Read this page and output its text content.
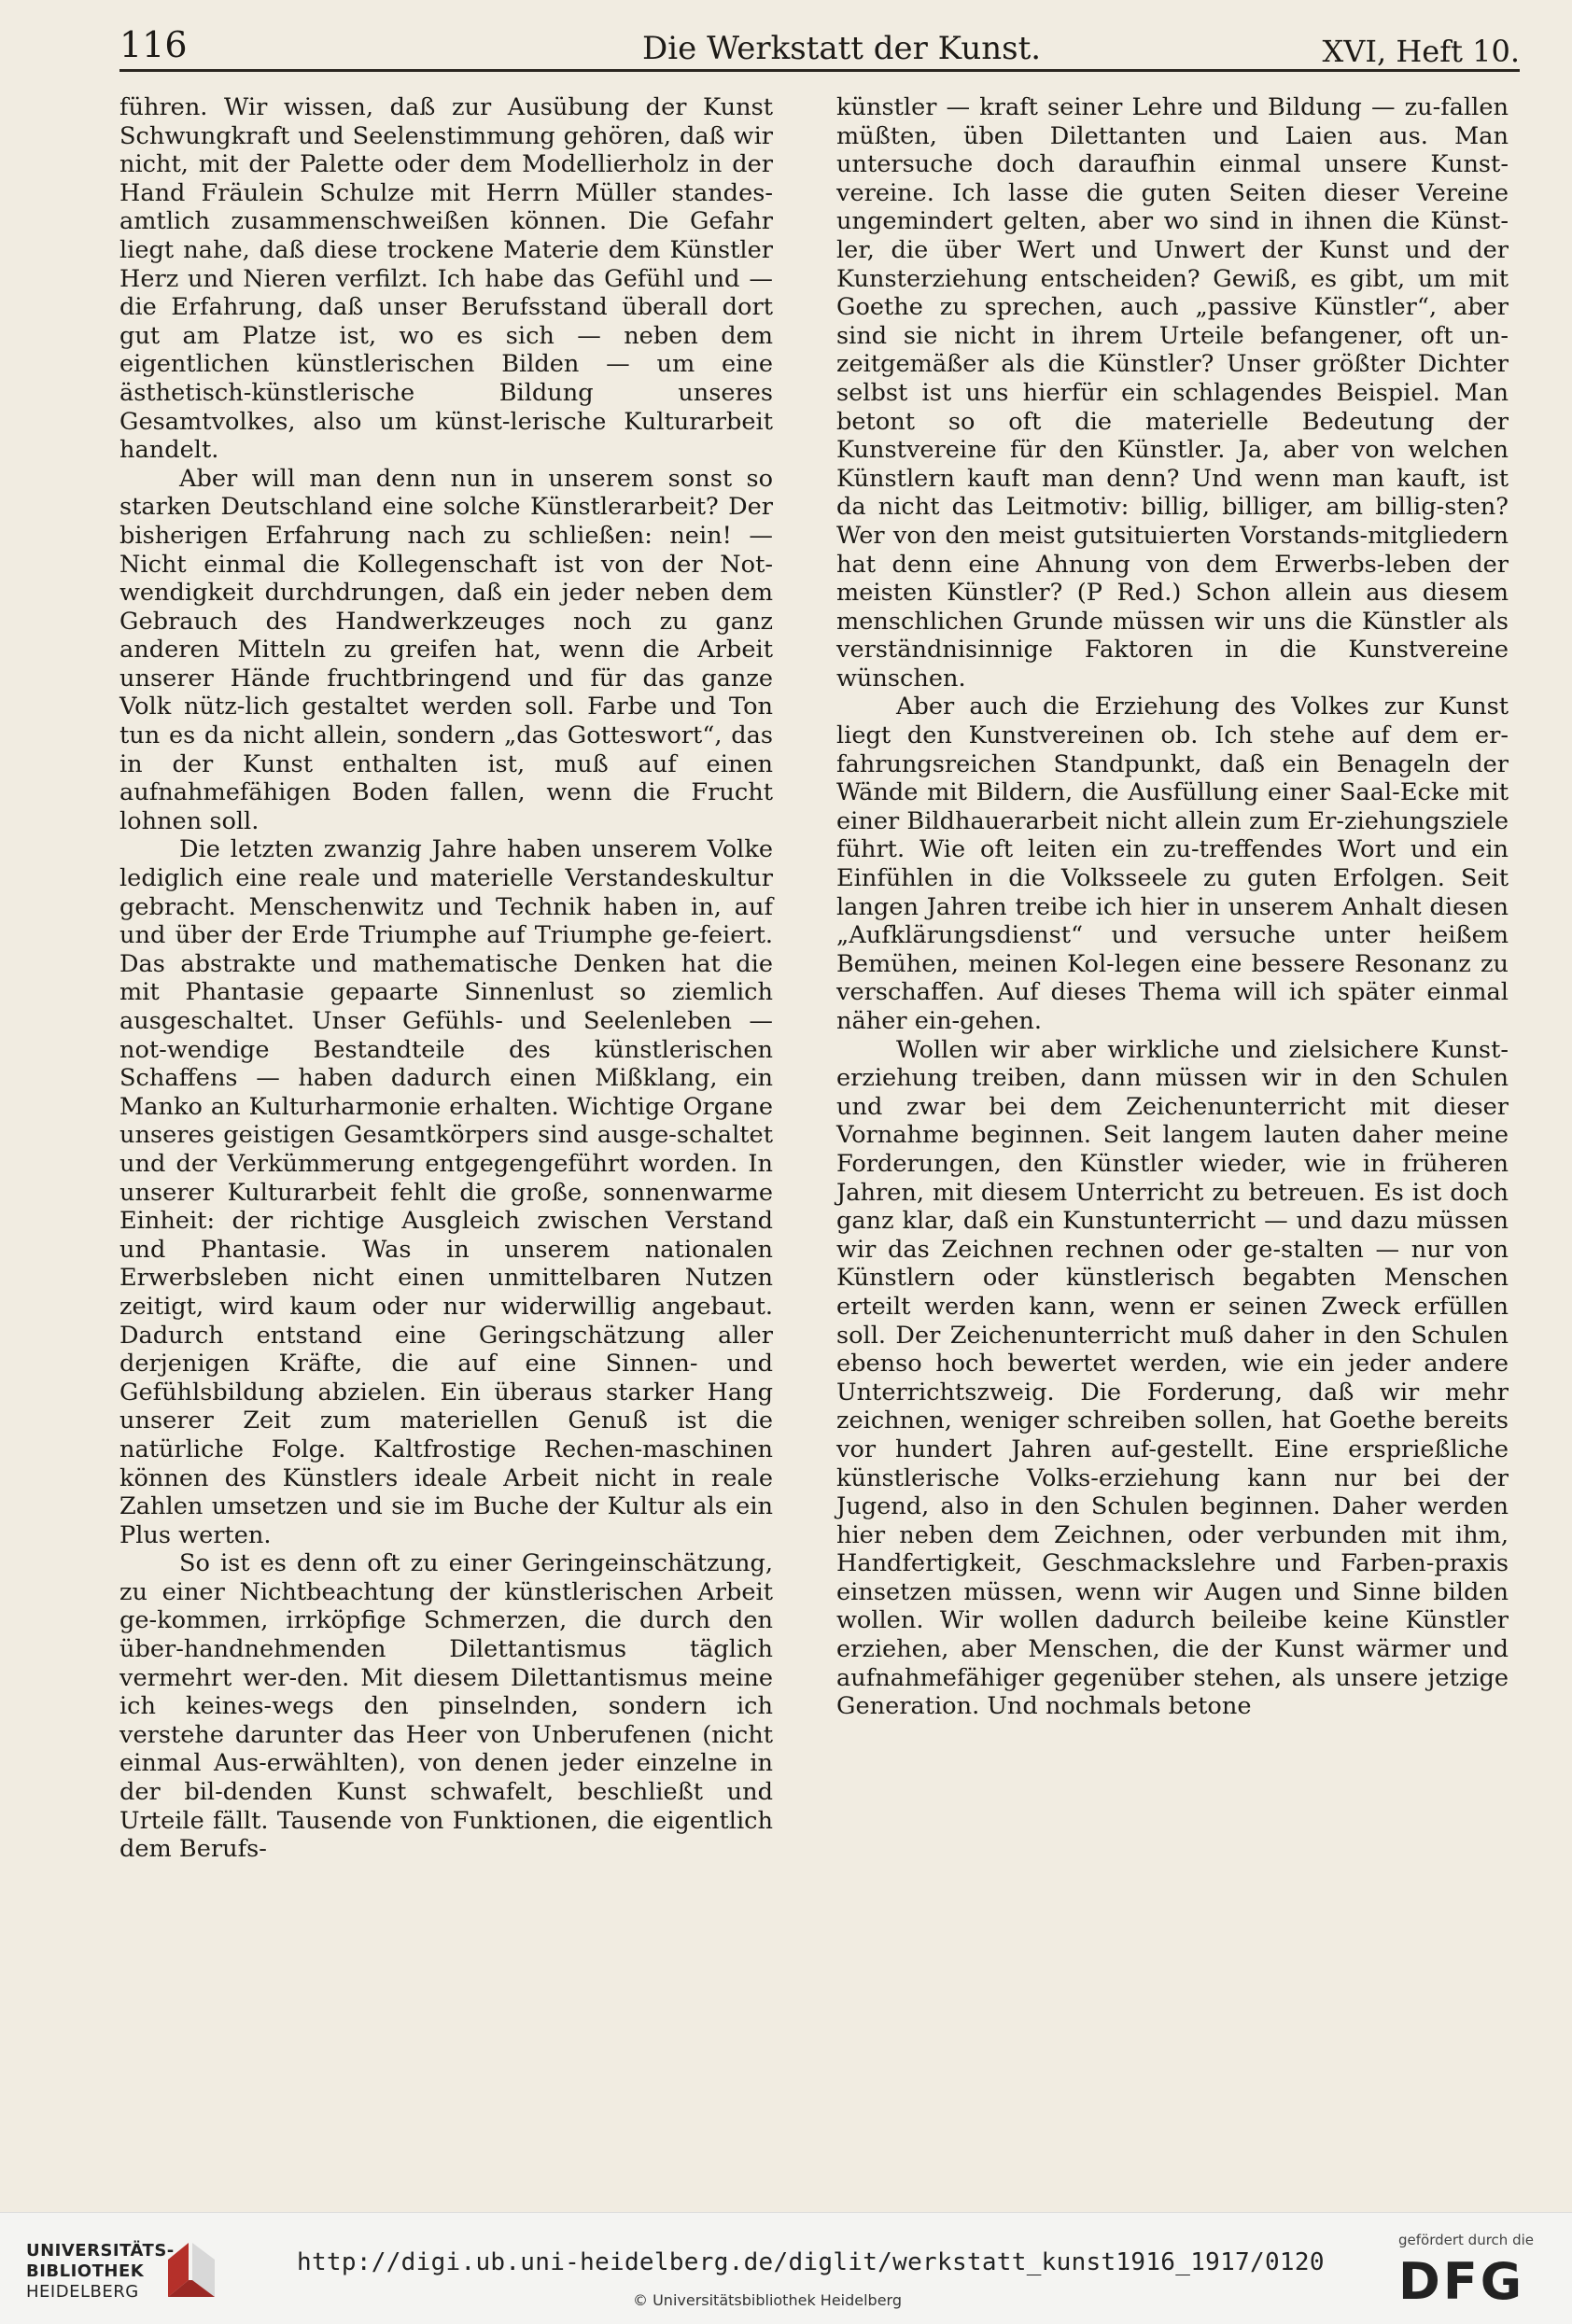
116	Die Werkstatt der Kunst.	XVI, Heft 10.

führen. Wir wissen, daß zur Ausübung der Kunst Schwungkraft und Seelenstimmung gehören, daß wir nicht, mit der Palette oder dem Modellierholz in der Hand Fräulein Schulze mit Herrn Müller standes-amtlich zusammenschweißen können. Die Gefahr liegt nahe, daß diese trockene Materie dem Künstler Herz und Nieren verfilzt. Ich habe das Gefühl und — die Erfahrung, daß unser Berufsstand überall dort gut am Platze ist, wo es sich — neben dem eigentlichen künstlerischen Bilden — um eine ästhetisch-künstlerische Bildung unseres Gesamtvolkes, also um künst-lerische Kulturarbeit handelt.

Aber will man denn nun in unserem sonst so starken Deutschland eine solche Künstlerarbeit? Der bisherigen Erfahrung nach zu schließen: nein! — Nicht einmal die Kollegenschaft ist von der Not-wendigkeit durchdrungen, daß ein jeder neben dem Gebrauch des Handwerkzeuges noch zu ganz anderen Mitteln zu greifen hat, wenn die Arbeit unserer Hände fruchtbringend und für das ganze Volk nütz-lich gestaltet werden soll. Farbe und Ton tun es da nicht allein, sondern „das Gotteswort“, das in der Kunst enthalten ist, muß auf einen aufnahmefähigen Boden fallen, wenn die Frucht lohnen soll.

Die letzten zwanzig Jahre haben unserem Volke lediglich eine reale und materielle Verstandeskultur gebracht. Menschenwitz und Technik haben in, auf und über der Erde Triumphe auf Triumphe ge-feiert. Das abstrakte und mathematische Denken hat die mit Phantasie gepaarte Sinnenlust so ziemlich ausgeschaltet. Unser Gefühls- und Seelenleben — not-wendige Bestandteile des künstlerischen Schaffens — haben dadurch einen Mißklang, ein Manko an Kulturharmonie erhalten. Wichtige Organe unseres geistigen Gesamtkörpers sind ausge-schaltet und der Verkümmerung entgegengeführt worden. In unserer Kulturarbeit fehlt die große, sonnenwarme Einheit: der richtige Ausgleich zwischen Verstand und Phantasie. Was in unserem nationalen Erwerbsleben nicht einen unmittelbaren Nutzen zeitigt, wird kaum oder nur widerwillig angebaut. Dadurch entstand eine Geringschätzung aller derjenigen Kräfte, die auf eine Sinnen- und Gefühlsbildung abzielen. Ein überaus starker Hang unserer Zeit zum materiellen Genuß ist die natürliche Folge. Kaltfrostige Rechen-maschinen können des Künstlers ideale Arbeit nicht in reale Zahlen umsetzen und sie im Buche der Kultur als ein Plus werten.

So ist es denn oft zu einer Geringeinschätzung, zu einer Nichtbeachtung der künstlerischen Arbeit ge-kommen, irrköpfige Schmerzen, die durch den über-handnehmenden Dilettantismus täglich vermehrt wer-den. Mit diesem Dilettantismus meine ich keines-wegs den pinselnden, sondern ich verstehe darunter das Heer von Unberufenen (nicht einmal Aus-erwählten), von denen jeder einzelne in der bil-denden Kunst schwafelt, beschließt und Urteile fällt. Tausende von Funktionen, die eigentlich dem Berufs-

künstler — kraft seiner Lehre und Bildung — zu-fallen müßten, üben Dilettanten und Laien aus. Man untersuche doch daraufhin einmal unsere Kunst-vereine. Ich lasse die guten Seiten dieser Vereine ungemindert gelten, aber wo sind in ihnen die Künst-ler, die über Wert und Unwert der Kunst und der Kunsterziehung entscheiden? Gewiß, es gibt, um mit Goethe zu sprechen, auch „passive Künstler“, aber sind sie nicht in ihrem Urteile befangener, oft un-zeitgemäßer als die Künstler? Unser größter Dichter selbst ist uns hierfür ein schlagendes Beispiel. Man betont so oft die materielle Bedeutung der Kunstvereine für den Künstler. Ja, aber von welchen Künstlern kauft man denn? Und wenn man kauft, ist da nicht das Leitmotiv: billig, billiger, am billig-sten? Wer von den meist gutsituierten Vorstands-mitgliedern hat denn eine Ahnung von dem Erwerbs-leben der meisten Künstler? (P Red.) Schon allein aus diesem menschlichen Grunde müssen wir uns die Künstler als verständnisinnige Faktoren in die Kunstvereine wünschen.

Aber auch die Erziehung des Volkes zur Kunst liegt den Kunstvereinen ob. Ich stehe auf dem er-fahrungsreichen Standpunkt, daß ein Benageln der Wände mit Bildern, die Ausfüllung einer Saal-Ecke mit einer Bildhauerarbeit nicht allein zum Er-ziehungsziele führt. Wie oft leiten ein zu-treffendes Wort und ein Einfühlen in die Volksseele zu guten Erfolgen. Seit langen Jahren treibe ich hier in unserem Anhalt diesen „Aufklärungsdienst“ und versuche unter heißem Bemühen, meinen Kol-legen eine bessere Resonanz zu verschaffen. Auf dieses Thema will ich später einmal näher ein-gehen.

Wollen wir aber wirkliche und zielsichere Kunst-erziehung treiben, dann müssen wir in den Schulen und zwar bei dem Zeichenunterricht mit dieser Vornahme beginnen. Seit langem lauten daher meine Forderungen, den Künstler wieder, wie in früheren Jahren, mit diesem Unterricht zu betreuen. Es ist doch ganz klar, daß ein Kunstunterricht — und dazu müssen wir das Zeichnen rechnen oder ge-stalten — nur von Künstlern oder künstlerisch begabten Menschen erteilt werden kann, wenn er seinen Zweck erfüllen soll. Der Zeichenunterricht muß daher in den Schulen ebenso hoch bewertet werden, wie ein jeder andere Unterrichtszweig. Die Forderung, daß wir mehr zeichnen, weniger schreiben sollen, hat Goethe bereits vor hundert Jahren auf-gestellt. Eine ersprießliche künstlerische Volks-erziehung kann nur bei der Jugend, also in den Schulen beginnen. Daher werden hier neben dem Zeichnen, oder verbunden mit ihm, Handfertigkeit, Geschmackslehre und Farben-praxis einsetzen müssen, wenn wir Augen und Sinne bilden wollen. Wir wollen dadurch beileibe keine Künstler erziehen, aber Menschen, die der Kunst wärmer und aufnahmefähiger gegenüber stehen, als unsere jetzige Generation. Und nochmals betone

UNIVERSITÄTS-
BIBLIOTHEK
HEIDELBERG
http://digi.ub.uni-heidelberg.de/diglit/werkstatt_kunst1916_1917/0120
© Universitätsbibliothek Heidelberg
gefördert durch die
DFG
